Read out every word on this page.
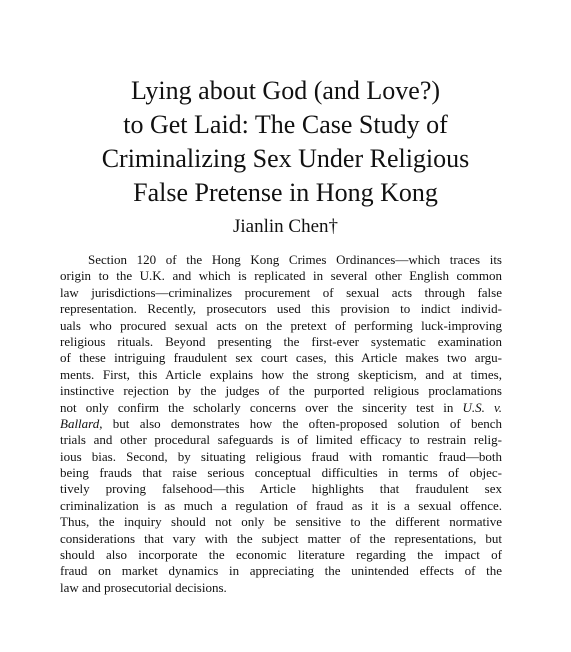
Lying about God (and Love?)
to Get Laid: The Case Study of
Criminalizing Sex Under Religious
False Pretense in Hong Kong
Jianlin Chen†
Section 120 of the Hong Kong Crimes Ordinances—which traces its
origin to the U.K. and which is replicated in several other English common
law jurisdictions—criminalizes procurement of sexual acts through false
representation. Recently, prosecutors used this provision to indict individ-
uals who procured sexual acts on the pretext of performing luck-improving
religious rituals. Beyond presenting the first-ever systematic examination
of these intriguing fraudulent sex court cases, this Article makes two argu-
ments. First, this Article explains how the strong skepticism, and at times,
instinctive rejection by the judges of the purported religious proclamations
not only confirm the scholarly concerns over the sincerity test in U.S. v.
Ballard, but also demonstrates how the often-proposed solution of bench
trials and other procedural safeguards is of limited efficacy to restrain relig-
ious bias. Second, by situating religious fraud with romantic fraud—both
being frauds that raise serious conceptual difficulties in terms of objec-
tively proving falsehood—this Article highlights that fraudulent sex
criminalization is as much a regulation of fraud as it is a sexual offence.
Thus, the inquiry should not only be sensitive to the different normative
considerations that vary with the subject matter of the representations, but
should also incorporate the economic literature regarding the impact of
fraud on market dynamics in appreciating the unintended effects of the
law and prosecutorial decisions.
